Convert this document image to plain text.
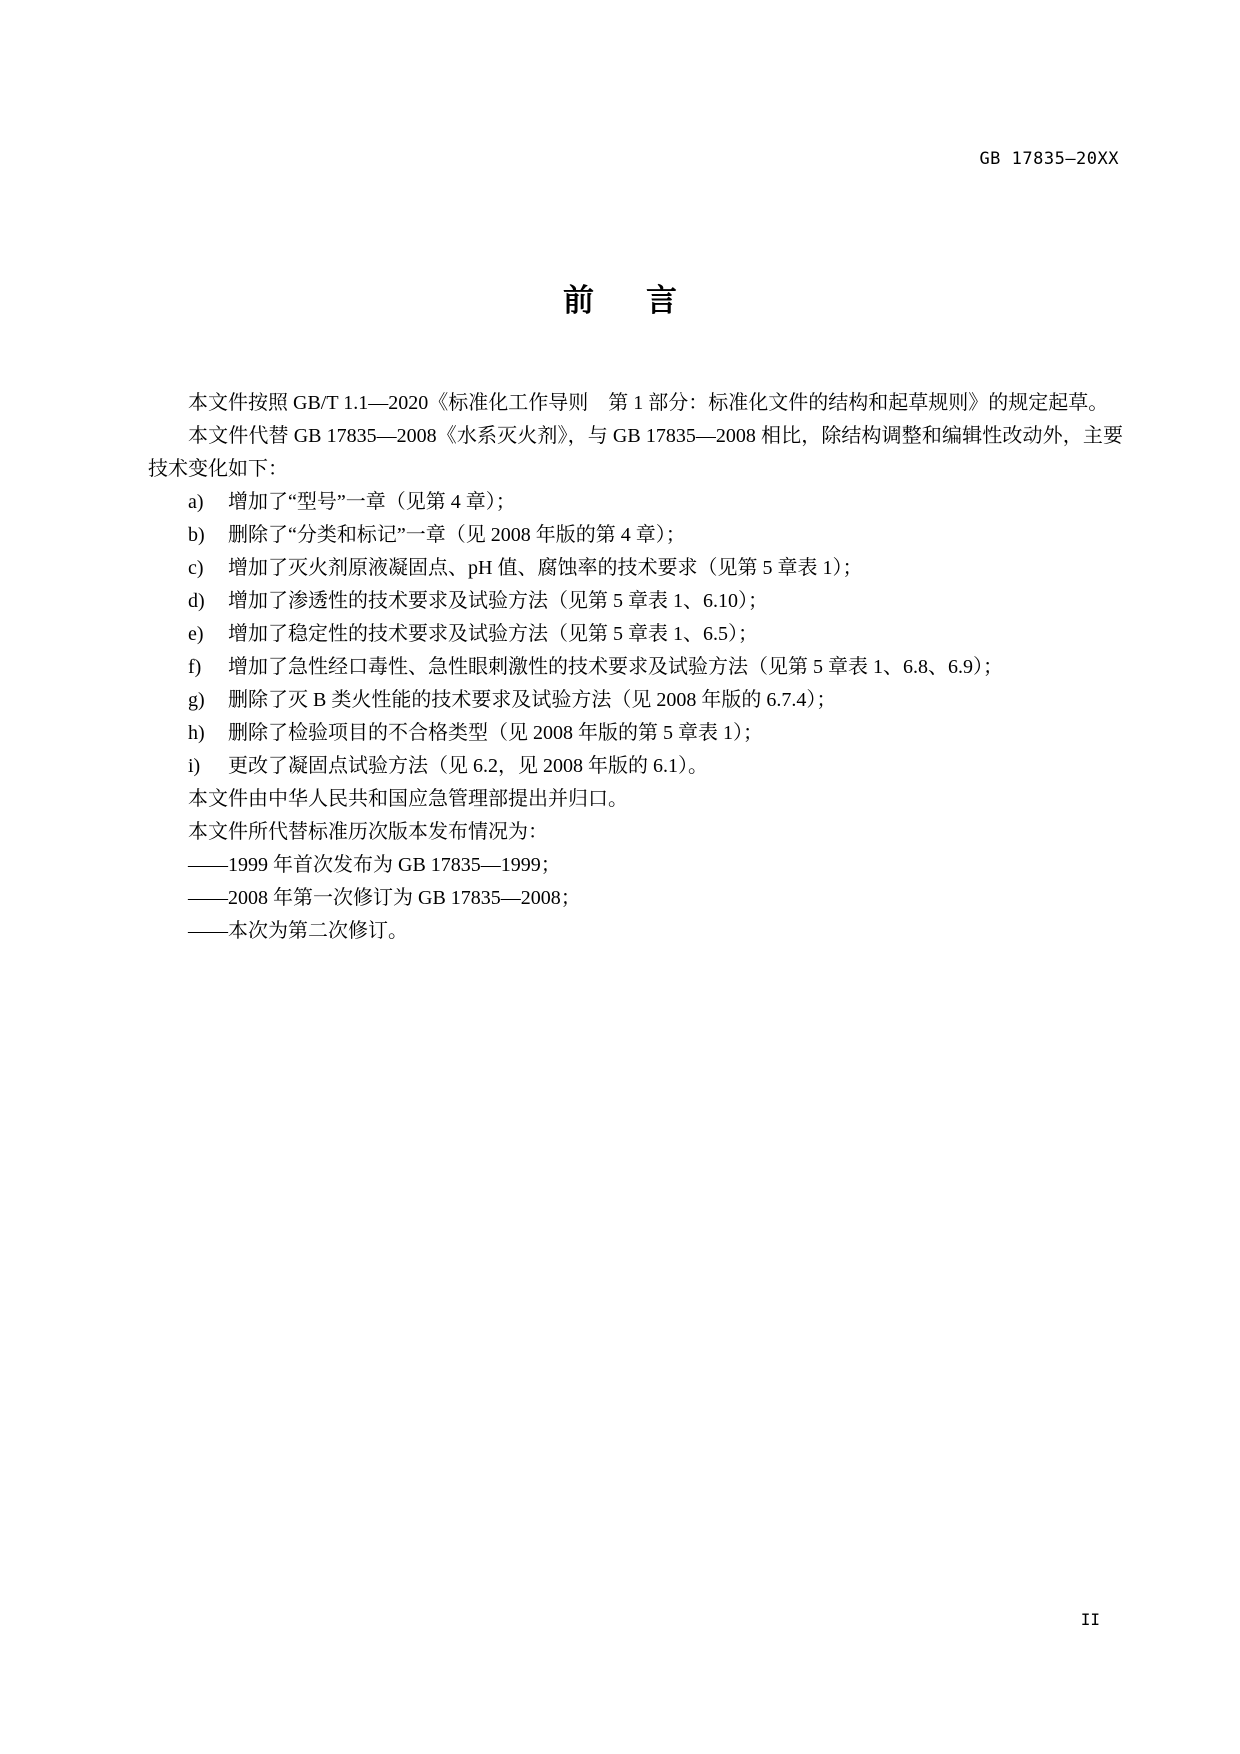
GB 17835—20XX
前言

本文件按照 GB/T 1.1—2020《标准化工作导则　第 1 部分：标准化文件的结构和起草规则》的规定起草。

本文件代替 GB 17835—2008《水系灭火剂》，与 GB 17835—2008 相比，除结构调整和编辑性改动外，主要技术变化如下：

a) 增加了“型号”一章（见第 4 章）；

b) 删除了“分类和标记”一章（见 2008 年版的第 4 章）；

c) 增加了灭火剂原液凝固点、pH 值、腐蚀率的技术要求（见第 5 章表 1）；

d) 增加了渗透性的技术要求及试验方法（见第 5 章表 1、6.10）；

e) 增加了稳定性的技术要求及试验方法（见第 5 章表 1、6.5）；

f) 增加了急性经口毒性、急性眼刺激性的技术要求及试验方法（见第 5 章表 1、6.8、6.9）；

g) 删除了灭 B 类火性能的技术要求及试验方法（见 2008 年版的 6.7.4）；

h) 删除了检验项目的不合格类型（见 2008 年版的第 5 章表 1）；

i) 更改了凝固点试验方法（见 6.2，见 2008 年版的 6.1）。

本文件由中华人民共和国应急管理部提出并归口。

本文件所代替标准历次版本发布情况为：

——1999 年首次发布为 GB 17835—1999；

——2008 年第一次修订为 GB 17835—2008；

——本次为第二次修订。

II
